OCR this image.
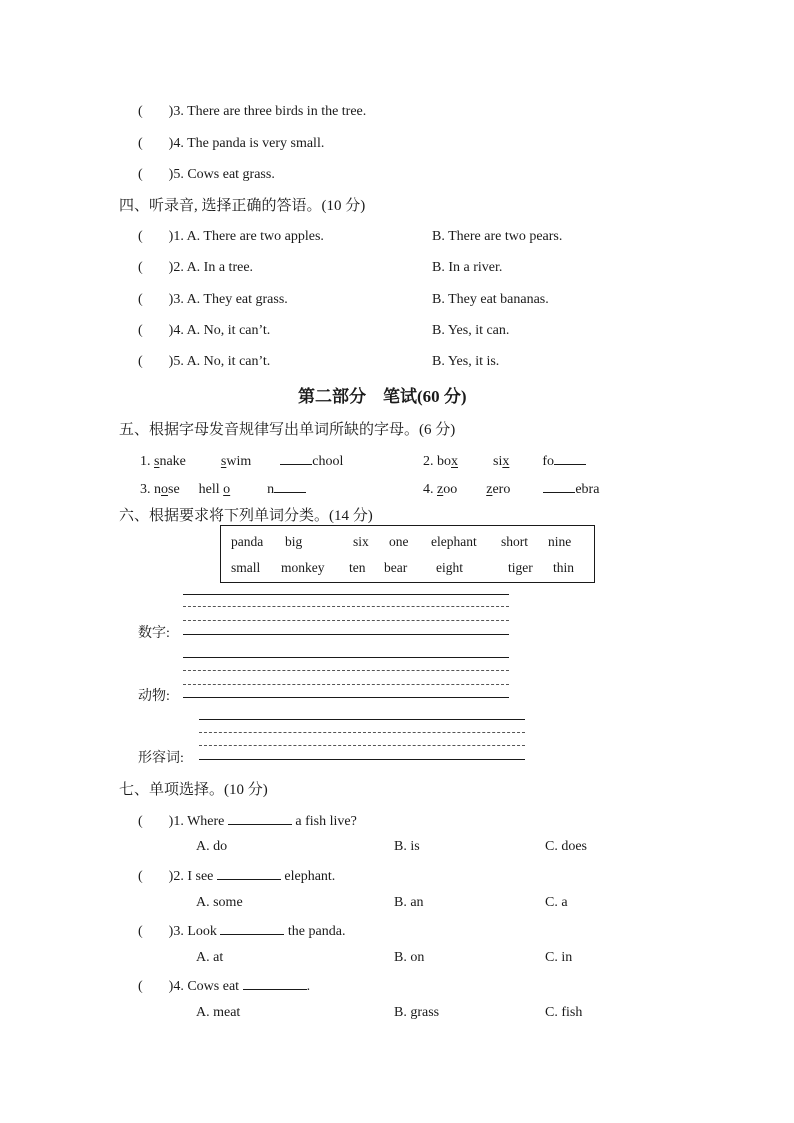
( )3. There are three birds in the tree.
( )4. The panda is very small.
( )5. Cows eat grass.
四、听录音, 选择正确的答语。(10 分)
( )1. A. There are two apples.	B. There are two pears.
( )2. A. In a tree.	B. In a river.
( )3. A. They eat grass.	B. They eat bananas.
( )4. A. No, it can’t.	B. Yes, it can.
( )5. A. No, it can’t.	B. Yes, it is.
第二部分　笔试(60 分)
五、根据字母发音规律写出单词所缺的字母。(6 分)
1. snake	swim	chool	2. box	six fo
3. nose hell o	n	4. zoo zero	ebra
六、根据要求将下列单词分类。(14 分)
panda big	six one elephant short nine
small monkey ten bear eight	tiger thin
数字:
动物:
形容词:
七、单项选择。(10 分)
( )1. Where	a fish live?
A. do	B. is	C. does
( )2. I see	elephant.
A. some	B. an	C. a
( )3. Look	the panda.
A. at	B. on	C. in
( )4. Cows eat	.
A. meat	B. grass	C. fish
